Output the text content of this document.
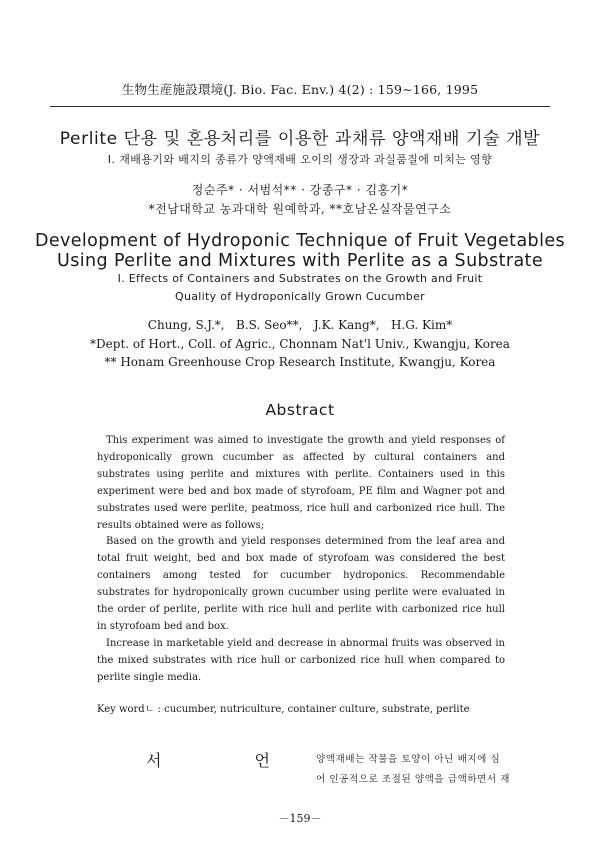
生物生産施設環境(J. Bio. Fac. Env.) 4(2) : 159∼166, 1995
Perlite 단용 및 혼용처리를 이용한 과채류 양액재배 기술 개발
I. 재배용기와 배지의 종류가 양액재배 오이의 생장과 과실품질에 미치는 영향
정순주* · 서범석** · 강종구* · 김홍기*
*전남대학교 농과대학 원예학과, **호남온실작물연구소
Development of Hydroponic Technique of Fruit Vegetables
Using Perlite and Mixtures with Perlite as a Substrate
I. Effects of Containers and Substrates on the Growth and Fruit
Quality of Hydroponically Grown Cucumber
Chung, S.J.*,   B.S. Seo**,   J.K. Kang*,   H.G. Kim*
*Dept. of Hort., Coll. of Agric., Chonnam Nat'l Univ., Kwangju, Korea
** Honam Greenhouse Crop Research Institute, Kwangju, Korea
Abstract

This experiment was aimed to investigate the growth and yield responses of hydroponically grown cucumber as affected by cultural containers and substrates using perlite and mixtures with perlite. Containers used in this experiment were bed and box made of styrofoam, PE film and Wagner pot and substrates used were perlite, peatmoss, rice hull and carbonized rice hull. The results obtained were as follows;

Based on the growth and yield responses determined from the leaf area and total fruit weight, bed and box made of styrofoam was considered the best containers among tested for cucumber hydroponics. Recommendable substrates for hydroponically grown cucumber using perlite were evaluated in the order of perlite, perlite with rice hull and perlite with carbonized rice hull in styrofoam bed and box.

Increase in marketable yield and decrease in abnormal fruits was observed in the mixed substrates with rice hull or carbonized rice hull when compared to perlite single media.

Key wordㄴ : cucumber, nutriculture, container culture, substrate, perlite
서 언 양액재배는 작물을 토양이 아닌 배지에 심
어 인공적으로 조절된 양액을 급액하면서 재
－159－
